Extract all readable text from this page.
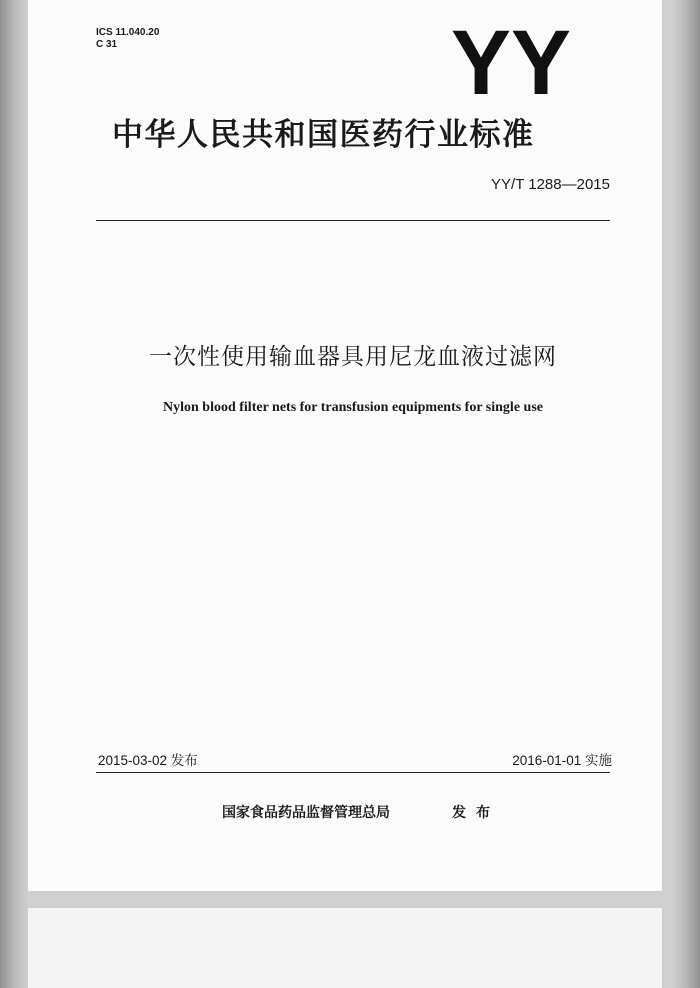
ICS 11.040.20
C 31	YY
中华人民共和国医药行业标准
YY/T 1288—2015
一次性使用输血器具用尼龙血液过滤网
Nylon blood filter nets for transfusion equipments for single use
2015-03-02 发布	2016-01-01 实施
国家食品药品监督管理总局	发布
